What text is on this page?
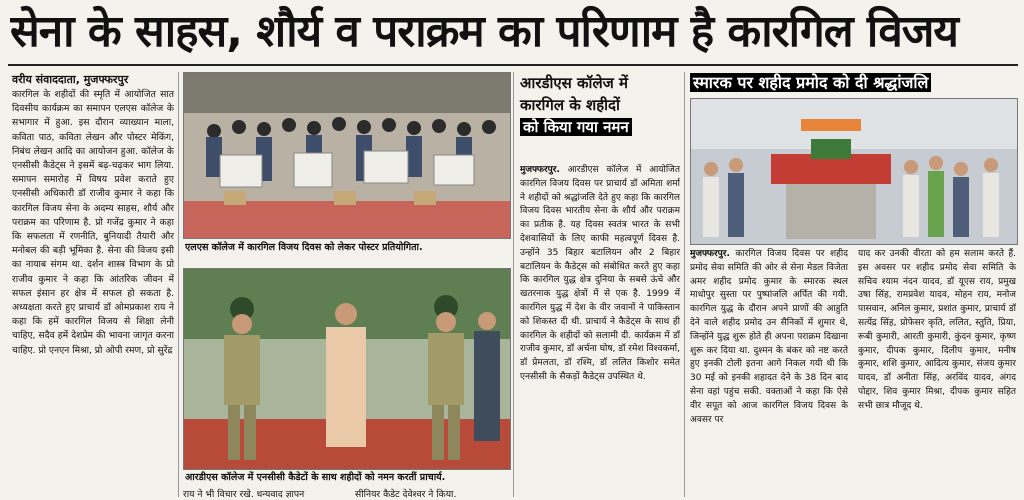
सेना के साहस, शौर्य व पराक्रम का परिणाम है कारगिल विजय
वरीय संवाददाता, मुजफ्फरपुर
कारगिल के शहीदों की स्मृति में आयोजित सात दिवसीय कार्यक्रम का समापन एलएस कॉलेज के सभागार में हुआ. इस दौरान व्याख्यान माला, कविता पाठ, कविता लेखन और पोस्टर मेकिंग, निबंध लेखन आदि का आयोजन हुआ. कॉलेज के एनसीसी कैडेट्स ने इसमें बढ़-चढ़कर भाग लिया. समापन समारोह में विषय प्रवेश कराते हुए एनसीसी अधिकारी डॉ राजीव कुमार ने कहा कि कारगिल विजय सेना के अदम्य साहस, शौर्य और पराक्रम का परिणाम है. प्रो गजेंद्र कुमार ने कहा कि सफलता में रणनीति, बुनियादी तैयारी और मनोबल की बड़ी भूमिका है. सेना की विजय इसी का नायाब संगम था. दर्शन शास्त्र विभाग के प्रो राजीव कुमार ने कहा कि आंतरिक जीवन में सफल इंसान हर क्षेत्र में सफल हो सकता है. अध्यक्षता करते हुए प्राचार्य डॉ ओमप्रकाश राय ने कहा कि हमें कारगिल विजय से शिक्षा लेनी चाहिए, सदैव हमें देशप्रेम की भावना जागृत करना चाहिए. प्रो एनएन मिश्रा, प्रो ओपी रमण, प्रो सुरेंद्र
एलएस कॉलेज में कारगिल विजय दिवस को लेकर पोस्टर प्रतियोगिता.
आरडीएस कॉलेज में एनसीसी कैडेटों के साथ शहीदों को नमन करतीं प्राचार्य.
राय ने भी विचार रखे. धन्यवाद ज्ञापन	सीनियर कैडेट देवेश्वर ने किया.
आरडीएस कॉलेज में
कारगिल के शहीदों
को किया गया नमन
मुजफ्फरपुर. आरडीएस कॉलेज में आयोजित कारगिल विजय दिवस पर प्राचार्य डॉ अमिता शर्मा ने शहीदों को श्रद्धांजलि देते हुए कहा कि कारगिल विजय दिवस भारतीय सेना के शौर्य और पराक्रम का प्रतीक है. यह दिवस स्वतंत्र भारत के सभी देशवासियों के लिए काफी महत्वपूर्ण दिवस है. उन्होंने 35 बिहार बटालियन और 2 बिहार बटालियन के कैडेट्स को संबोधित करते हुए कहा कि कारगिल युद्ध क्षेत्र दुनिया के सबसे ऊंचे और खतरनाक युद्ध क्षेत्रों में से एक है. 1999 में कारगिल युद्ध में देश के वीर जवानों ने पाकिस्तान को शिकस्त दी थी. प्राचार्य ने कैडेट्स के साथ ही कारगिल के शहीदों को सलामी दी. कार्यक्रम में डॉ राजीव कुमार, डॉ अर्चना घोष, डॉ रमेश विश्वकर्मा, डॉ प्रेमलता, डॉ रश्मि, डॉ ललित किशोर समेत एनसीसी के सैकड़ों कैडेट्स उपस्थित थे.
स्मारक पर शहीद प्रमोद को दी श्रद्धांजलि
मुजफ्फरपुर. कारगिल विजय दिवस पर शहीद प्रमोद सेवा समिति की ओर से सेना मेडल विजेता अमर शहीद प्रमोद कुमार के स्मारक स्थल माधोपुर सुस्ता पर पुष्पांजलि अर्पित की गयी. कारगिल युद्ध के दौरान अपने प्राणों की आहुति देने वाले शहीद प्रमोद उन सैनिकों में शुमार थे, जिन्होंने युद्ध शुरू होते ही अपना पराक्रम दिखाना शुरू कर दिया था. दुश्मन के बंकर को नष्ट करते हुए इनकी टोली इतना आगे निकल गयी थी कि 30 मई को इनकी शहादत देने के 38 दिन बाद सेना वहां पहुंच सकी. वक्ताओं ने कहा कि ऐसे वीर सपूत को आज कारगिल विजय दिवस के अवसर पर
याद कर उनकी वीरता को हम सलाम करते हैं. इस अवसर पर शहीद प्रमोद सेवा समिति के सचिव श्याम नंदन यादव, डॉ यूएस राय, प्रमुख उषा सिंह, रामप्रवेश यादव, मोहन राय, मनोज पासवान, अनिल कुमार, प्रशांत कुमार, प्राचार्य डॉ सत्येंद्र सिंह, प्रोफेसर कृति, ललित, स्तुति, प्रिया, रूबी कुमारी, आरती कुमारी, कुंदन कुमार, कृष्ण कुमार, दीपक कुमार, दिलीप कुमार, मनीष कुमार, शशि कुमार, आदित्य कुमार, संजय कुमार यादव, डॉ अनीता सिंह, अरविंद यादव, अंगद पोद्दार, शिव कुमार मिश्रा, दीपक कुमार सहित सभी छात्र मौजूद थे.
